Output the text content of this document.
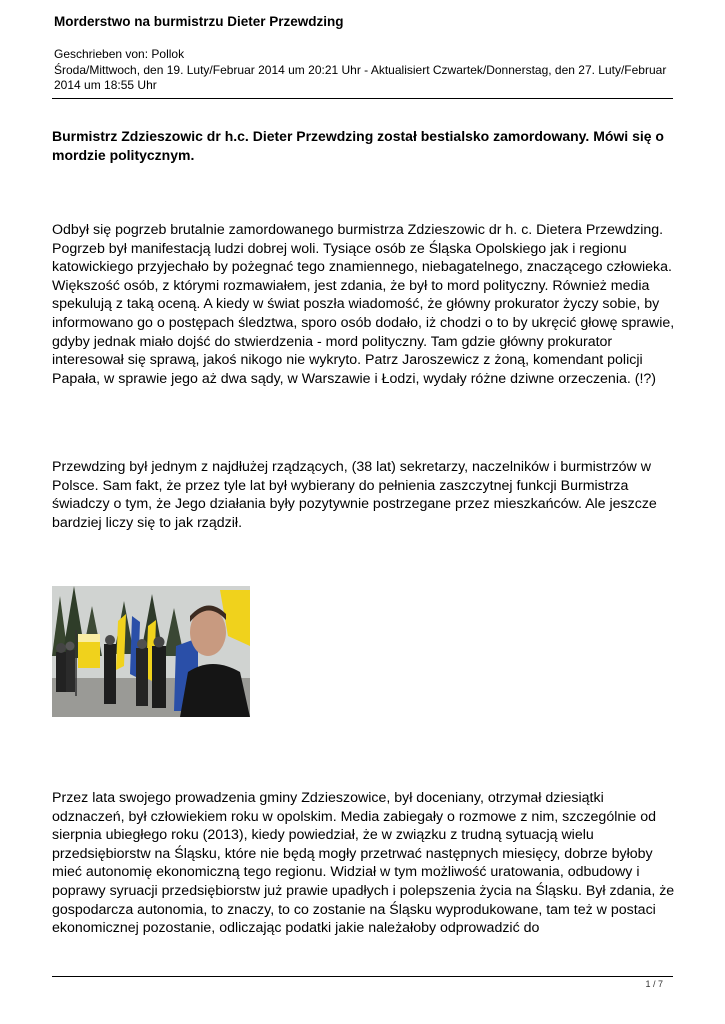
Morderstwo na burmistrzu Dieter Przewdzing

Geschrieben von: Pollok

Środa/Mittwoch, den 19. Luty/Februar 2014 um 20:21 Uhr - Aktualisiert Czwartek/Donnerstag, den 27. Luty/Februar 2014 um 18:55 Uhr

Burmistrz Zdzieszowic dr h.c. Dieter Przewdzing został bestialsko zamordowany. Mówi się o mordzie politycznym.

Odbył się pogrzeb brutalnie zamordowanego burmistrza Zdzieszowic dr h. c. Dietera Przewdzing. Pogrzeb był manifestacją ludzi dobrej woli. Tysiące osób ze Śląska Opolskiego jak i regionu katowickiego przyjechało by pożegnać tego znamiennego, niebagatelnego, znaczącego człowieka. Większość osób, z którymi rozmawiałem, jest zdania, że był to mord polityczny. Również media spekulują z taką oceną. A kiedy w świat poszła wiadomość, że główny prokurator życzy sobie, by informowano go o postępach śledztwa, sporo osób dodało, iż chodzi o to by ukręcić głowę sprawie, gdyby jednak miało dojść do stwierdzenia - mord polityczny. Tam gdzie główny prokurator interesował się sprawą, jakoś nikogo nie wykryto. Patrz Jaroszewicz z żoną, komendant policji Papała, w sprawie jego aż dwa sądy, w Warszawie i Łodzi, wydały różne dziwne orzeczenia. (!?)

Przewdzing był jednym z najdłużej rządzących, (38 lat) sekretarzy, naczelników i burmistrzów w Polsce. Sam fakt, że przez tyle lat był wybierany do pełnienia zaszczytnej funkcji Burmistrza świadczy o tym, że Jego działania były pozytywnie postrzegane przez mieszkańców. Ale jeszcze bardziej liczy się to jak rządził.

Przez lata swojego prowadzenia gminy Zdzieszowice, był doceniany, otrzymał dziesiątki odznaczeń, był człowiekiem roku w opolskim. Media zabiegały o rozmowe z nim, szczególnie od sierpnia ubiegłego roku (2013), kiedy powiedział, że w związku z trudną sytuacją wielu przedsiębiorstw na Śląsku, które nie będą mogły przetrwać następnych miesięcy, dobrze byłoby mieć autonomię ekonomiczną tego regionu. Widział w tym możliwość uratowania, odbudowy i poprawy syruacji przedsiębiorstw już prawie upadłych i polepszenia życia na Śląsku. Był zdania, że gospodarcza autonomia, to znaczy, to co zostanie na Śląsku wyprodukowane, tam też w postaci ekonomicznej pozostanie, odliczając podatki jakie należałoby odprowadzić do

1 / 7
